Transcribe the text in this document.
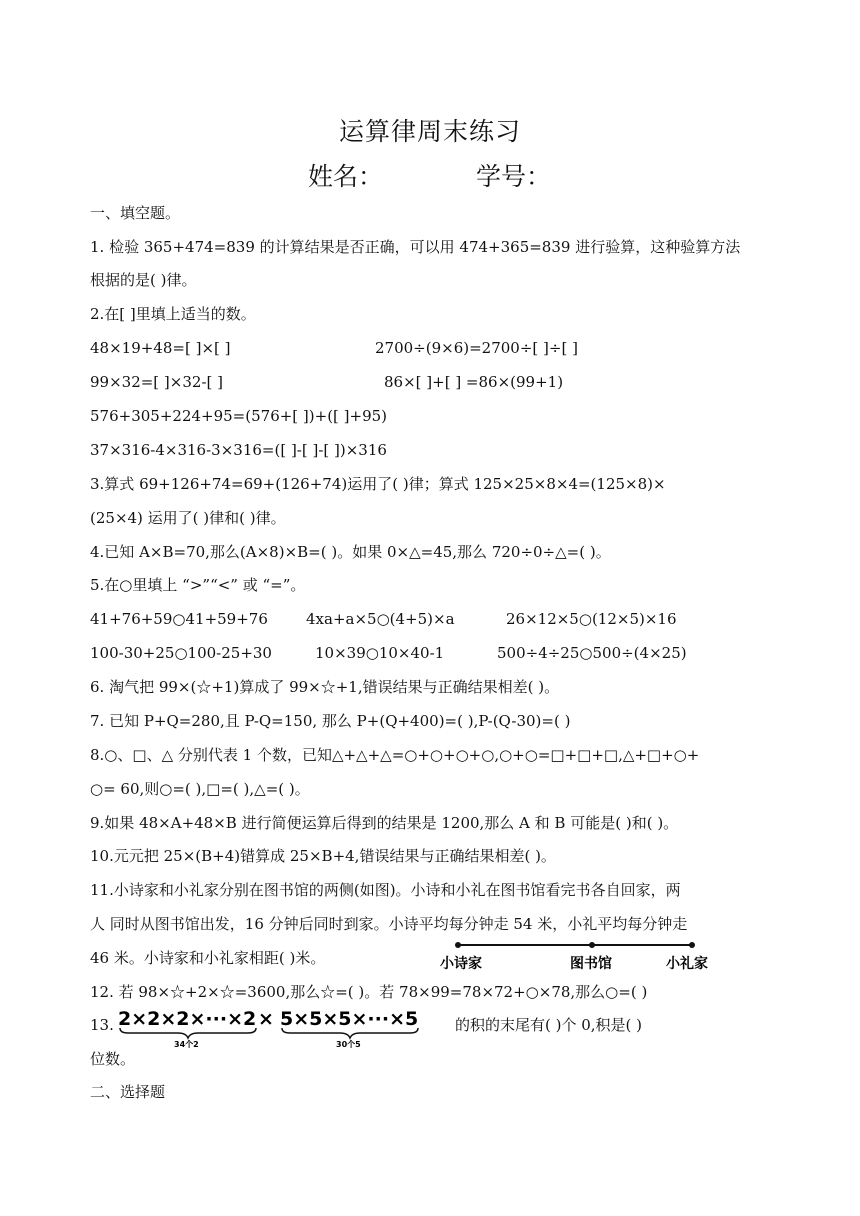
运算律周末练习
姓名：	学号：
一、填空题。
1. 检验 365+474=839 的计算结果是否正确，可以用 474+365=839 进行验算，这种验算方法
根据的是( )律。
2.在[ ]里填上适当的数。
48×19+48=[ ]×[ ]	2700÷(9×6)=2700÷[ ]÷[ ]
99×32=[ ]×32-[ ]	86×[ ]+[ ] =86×(99+1)
576+305+224+95=(576+[ ])+([ ]+95)
37×316-4×316-3×316=([ ]-[ ]-[ ])×316
3.算式 69+126+74=69+(126+74)运用了( )律；算式 125×25×8×4=(125×8)×
(25×4) 运用了( )律和( )律。
4.已知 A×B=70,那么(A×8)×B=( )。如果 0×△=45,那么 720÷0÷△=( )。
5.在○里填上 “>”“<” 或 “=”。
41+76+59○41+59+76	4xa+a×5○(4+5)×a	26×12×5○(12×5)×16
100-30+25○100-25+30	10×39○10×40-1	500÷4÷25○500÷(4×25)
6. 淘气把 99×(☆+1)算成了 99×☆+1,错误结果与正确结果相差( )。
7. 已知 P+Q=280,且 P-Q=150, 那么 P+(Q+400)=( ),P-(Q-30)=( )
8.○、□、△ 分别代表 1 个数，已知△+△+△=○+○+○+○,○+○=□+□+□,△+□+○+
○= 60,则○=( ),□=( ),△=( )。
9.如果 48×A+48×B 进行简便运算后得到的结果是 1200,那么 A 和 B 可能是( )和( )。
10.元元把 25×(B+4)错算成 25×B+4,错误结果与正确结果相差( )。
11.小诗家和小礼家分别在图书馆的两侧(如图)。小诗和小礼在图书馆看完书各自回家，两
人 同时从图书馆出发，16 分钟后同时到家。小诗平均每分钟走 54 米，小礼平均每分钟走
46 米。小诗家和小礼家相距( )米。	小诗家	图书馆	小礼家
12. 若 98×☆+2×☆=3600,那么☆=( )。若 78×99=78×72+○×78,那么○=( )
13. 2×2×2×···×2 × 5×5×5×···×5
34个2	30个5
的积的末尾有( )个 0,积是( )
位数。
二、选择题
